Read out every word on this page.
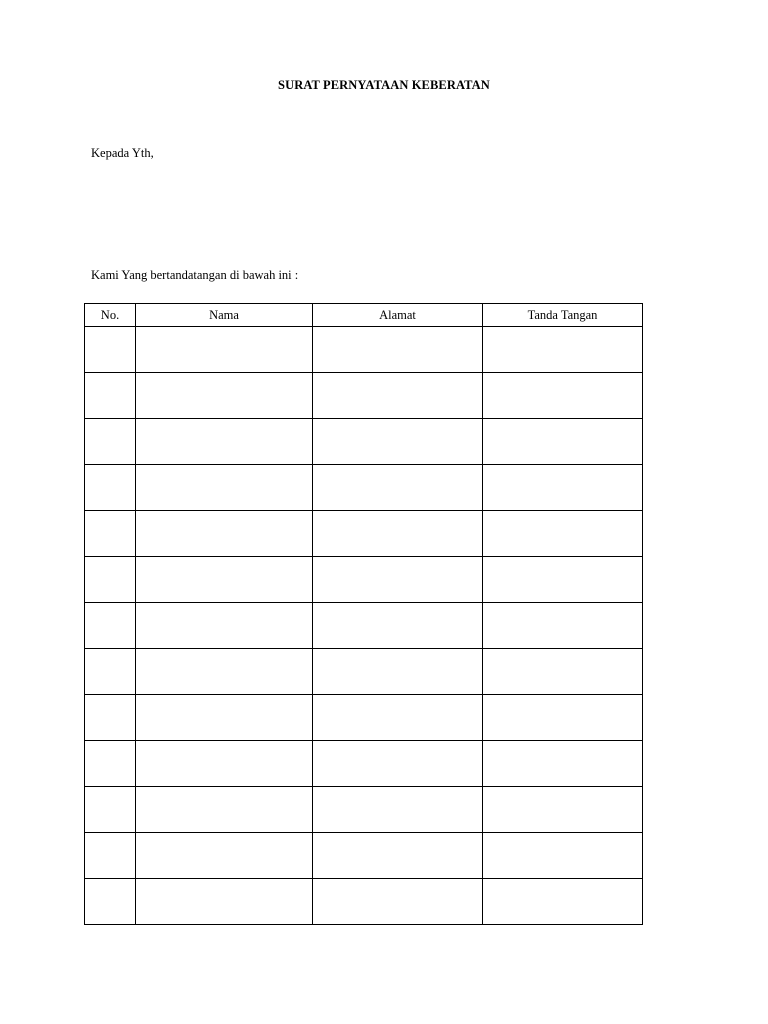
SURAT PERNYATAAN KEBERATAN
Kepada Yth,
Kami Yang bertandatangan di bawah ini :
No.	Nama	Alamat	Tanda Tangan
